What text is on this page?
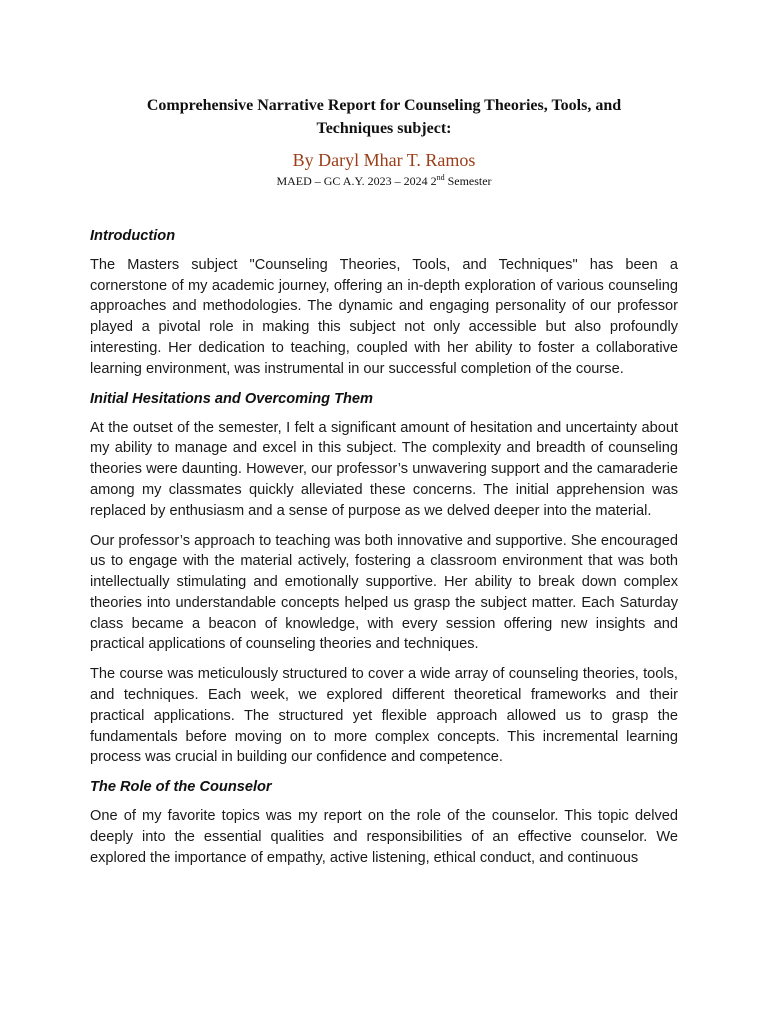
Comprehensive Narrative Report for Counseling Theories, Tools, and
Techniques subject:

By Daryl Mhar T. Ramos

MAED – GC A.Y. 2023 – 2024 2nd Semester

Introduction

The Masters subject "Counseling Theories, Tools, and Techniques" has been a cornerstone of my academic journey, offering an in-depth exploration of various counseling approaches and methodologies. The dynamic and engaging personality of our professor played a pivotal role in making this subject not only accessible but also profoundly interesting. Her dedication to teaching, coupled with her ability to foster a collaborative learning environment, was instrumental in our successful completion of the course.

Initial Hesitations and Overcoming Them

At the outset of the semester, I felt a significant amount of hesitation and uncertainty about my ability to manage and excel in this subject. The complexity and breadth of counseling theories were daunting. However, our professor’s unwavering support and the camaraderie among my classmates quickly alleviated these concerns. The initial apprehension was replaced by enthusiasm and a sense of purpose as we delved deeper into the material.

Our professor’s approach to teaching was both innovative and supportive. She encouraged us to engage with the material actively, fostering a classroom environment that was both intellectually stimulating and emotionally supportive. Her ability to break down complex theories into understandable concepts helped us grasp the subject matter. Each Saturday class became a beacon of knowledge, with every session offering new insights and practical applications of counseling theories and techniques.

The course was meticulously structured to cover a wide array of counseling theories, tools, and techniques. Each week, we explored different theoretical frameworks and their practical applications. The structured yet flexible approach allowed us to grasp the fundamentals before moving on to more complex concepts. This incremental learning process was crucial in building our confidence and competence.

The Role of the Counselor

One of my favorite topics was my report on the role of the counselor. This topic delved deeply into the essential qualities and responsibilities of an effective counselor. We explored the importance of empathy, active listening, ethical conduct, and continuous
